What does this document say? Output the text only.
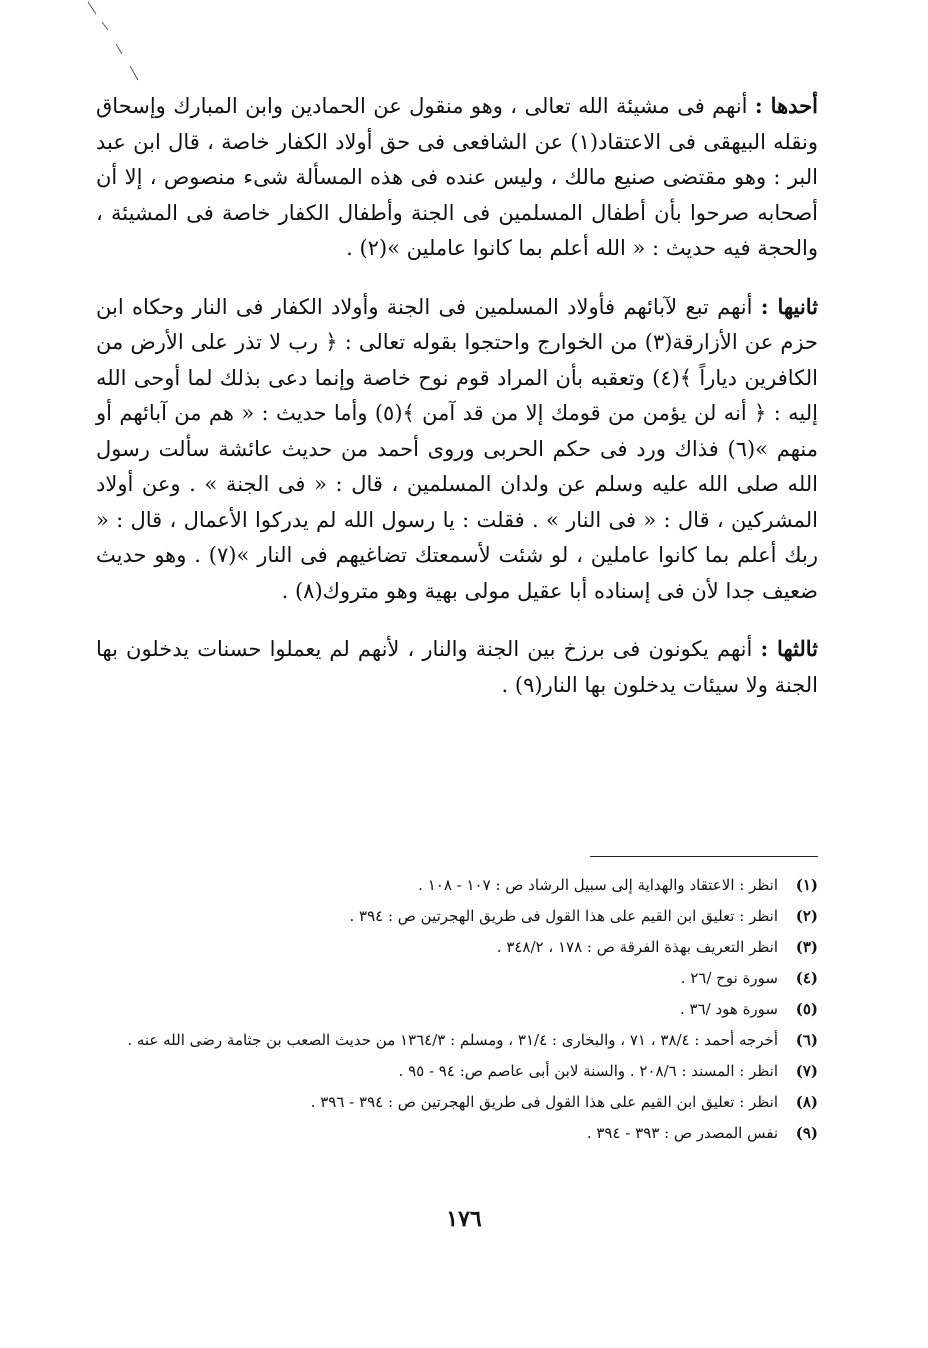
أحدها : أنهم فى مشيئة الله تعالى ، وهو منقول عن الحمادين وابن المبارك وإسحاق ونقله البيهقى فى الاعتقاد(١) عن الشافعى فى حق أولاد الكفار خاصة ، قال ابن عبد البر : وهو مقتضى صنيع مالك ، وليس عنده فى هذه المسألة شىء منصوص ، إلا أن أصحابه صرحوا بأن أطفال المسلمين فى الجنة وأطفال الكفار خاصة فى المشيئة ، والحجة فيه حديث : « الله أعلم بما كانوا عاملين »(٢) .

ثانيها : أنهم تبع لآبائهم فأولاد المسلمين فى الجنة وأولاد الكفار فى النار وحكاه ابن حزم عن الأزارقة(٣) من الخوارج واحتجوا بقوله تعالى : ﴿ رب لا تذر على الأرض من الكافرين دياراً ﴾(٤) وتعقبه بأن المراد قوم نوح خاصة وإنما دعى بذلك لما أوحى الله إليه : ﴿ أنه لن يؤمن من قومك إلا من قد آمن ﴾(٥) وأما حديث : « هم من آبائهم أو منهم »(٦) فذاك ورد فى حكم الحربى وروى أحمد من حديث عائشة سألت رسول الله صلى الله عليه وسلم عن ولدان المسلمين ، قال : « فى الجنة » . وعن أولاد المشركين ، قال : « فى النار » . فقلت : يا رسول الله لم يدركوا الأعمال ، قال : « ربك أعلم بما كانوا عاملين ، لو شئت لأسمعتك تضاغيهم فى النار »(٧) . وهو حديث ضعيف جدا لأن فى إسناده أبا عقيل مولى بهية وهو متروك(٨) .

ثالثها : أنهم يكونون فى برزخ بين الجنة والنار ، لأنهم لم يعملوا حسنات يدخلون بها الجنة ولا سيئات يدخلون بها النار(٩) .

(١)
انظر : الاعتقاد والهداية إلى سبيل الرشاد ص : ١٠٧ - ١٠٨ .
(٢)
انظر : تعليق ابن القيم على هذا القول فى طريق الهجرتين ص : ٣٩٤ .
(٣)
انظر التعريف بهذة الفرقة ص : ١٧٨ ، ٣٤٨/٢ .
(٤)
سورة نوح /٢٦ .
(٥)
سورة هود /٣٦ .
(٦)
أخرجه أحمد : ٣٨/٤ ، ٧١ ، والبخارى : ٣١/٤ ، ومسلم : ١٣٦٤/٣ من حديث الصعب بن جثامة رضى الله عنه .
(٧)
انظر : المسند : ٢٠٨/٦ . والسنة لابن أبى عاصم ص: ٩٤ - ٩٥ .
(٨)
انظر : تعليق ابن القيم على هذا القول فى طريق الهجرتين ص : ٣٩٤ - ٣٩٦ .
(٩)
نفس المصدر ص : ٣٩٣ - ٣٩٤ .
١٧٦
